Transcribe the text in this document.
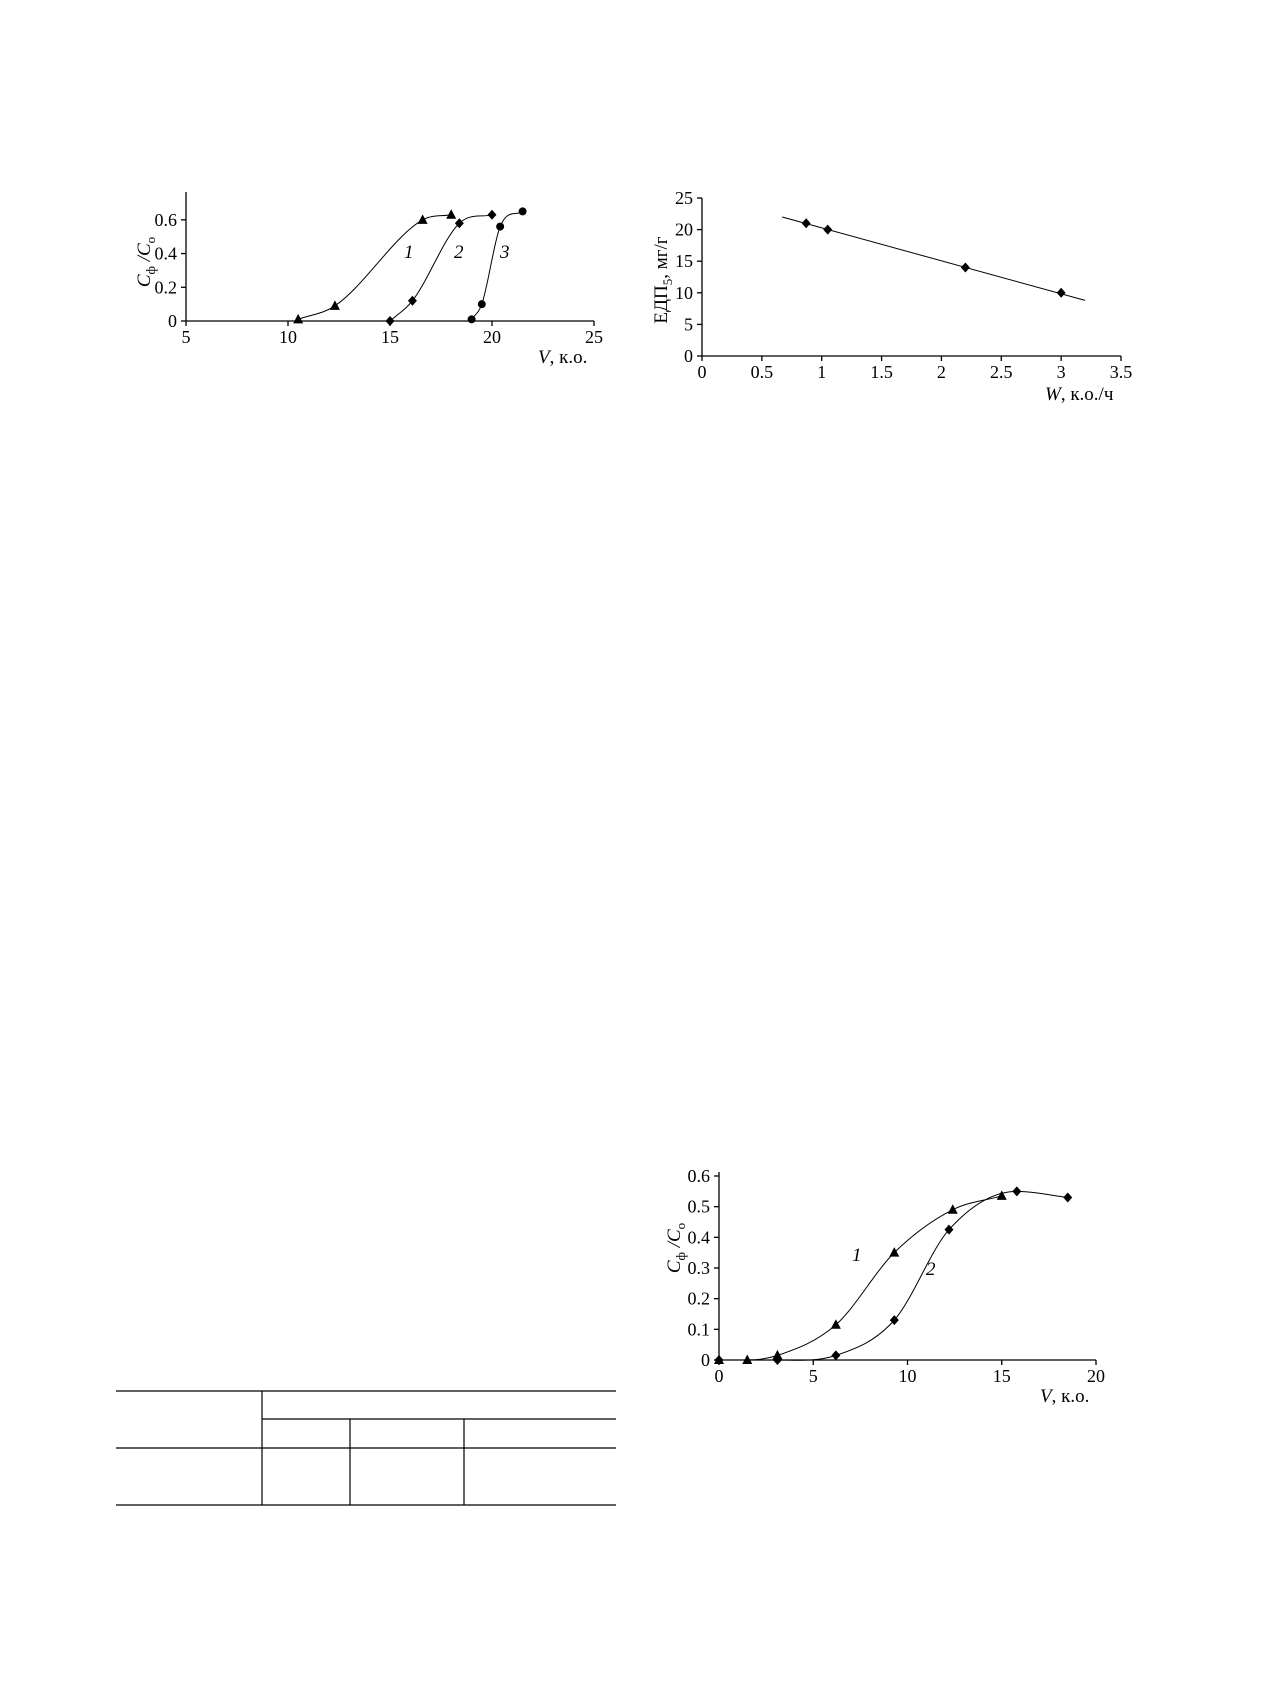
5	10	15	20	25
0
0.2
0.4
0.6
1 2 3
$C_ф$ $/C_o$
V, к.о.
0 0.5 1 1.5 2 2.5 3 3.5
0
5
10
15
20
25
$ЕДП_5$, мг/г
W, к.о./ч
0	5	10	15	20
0
0.1
0.2
0.3
0.4
0.5
0.6
1
2
$C_ф$ $/C_o$
V, к.о.
